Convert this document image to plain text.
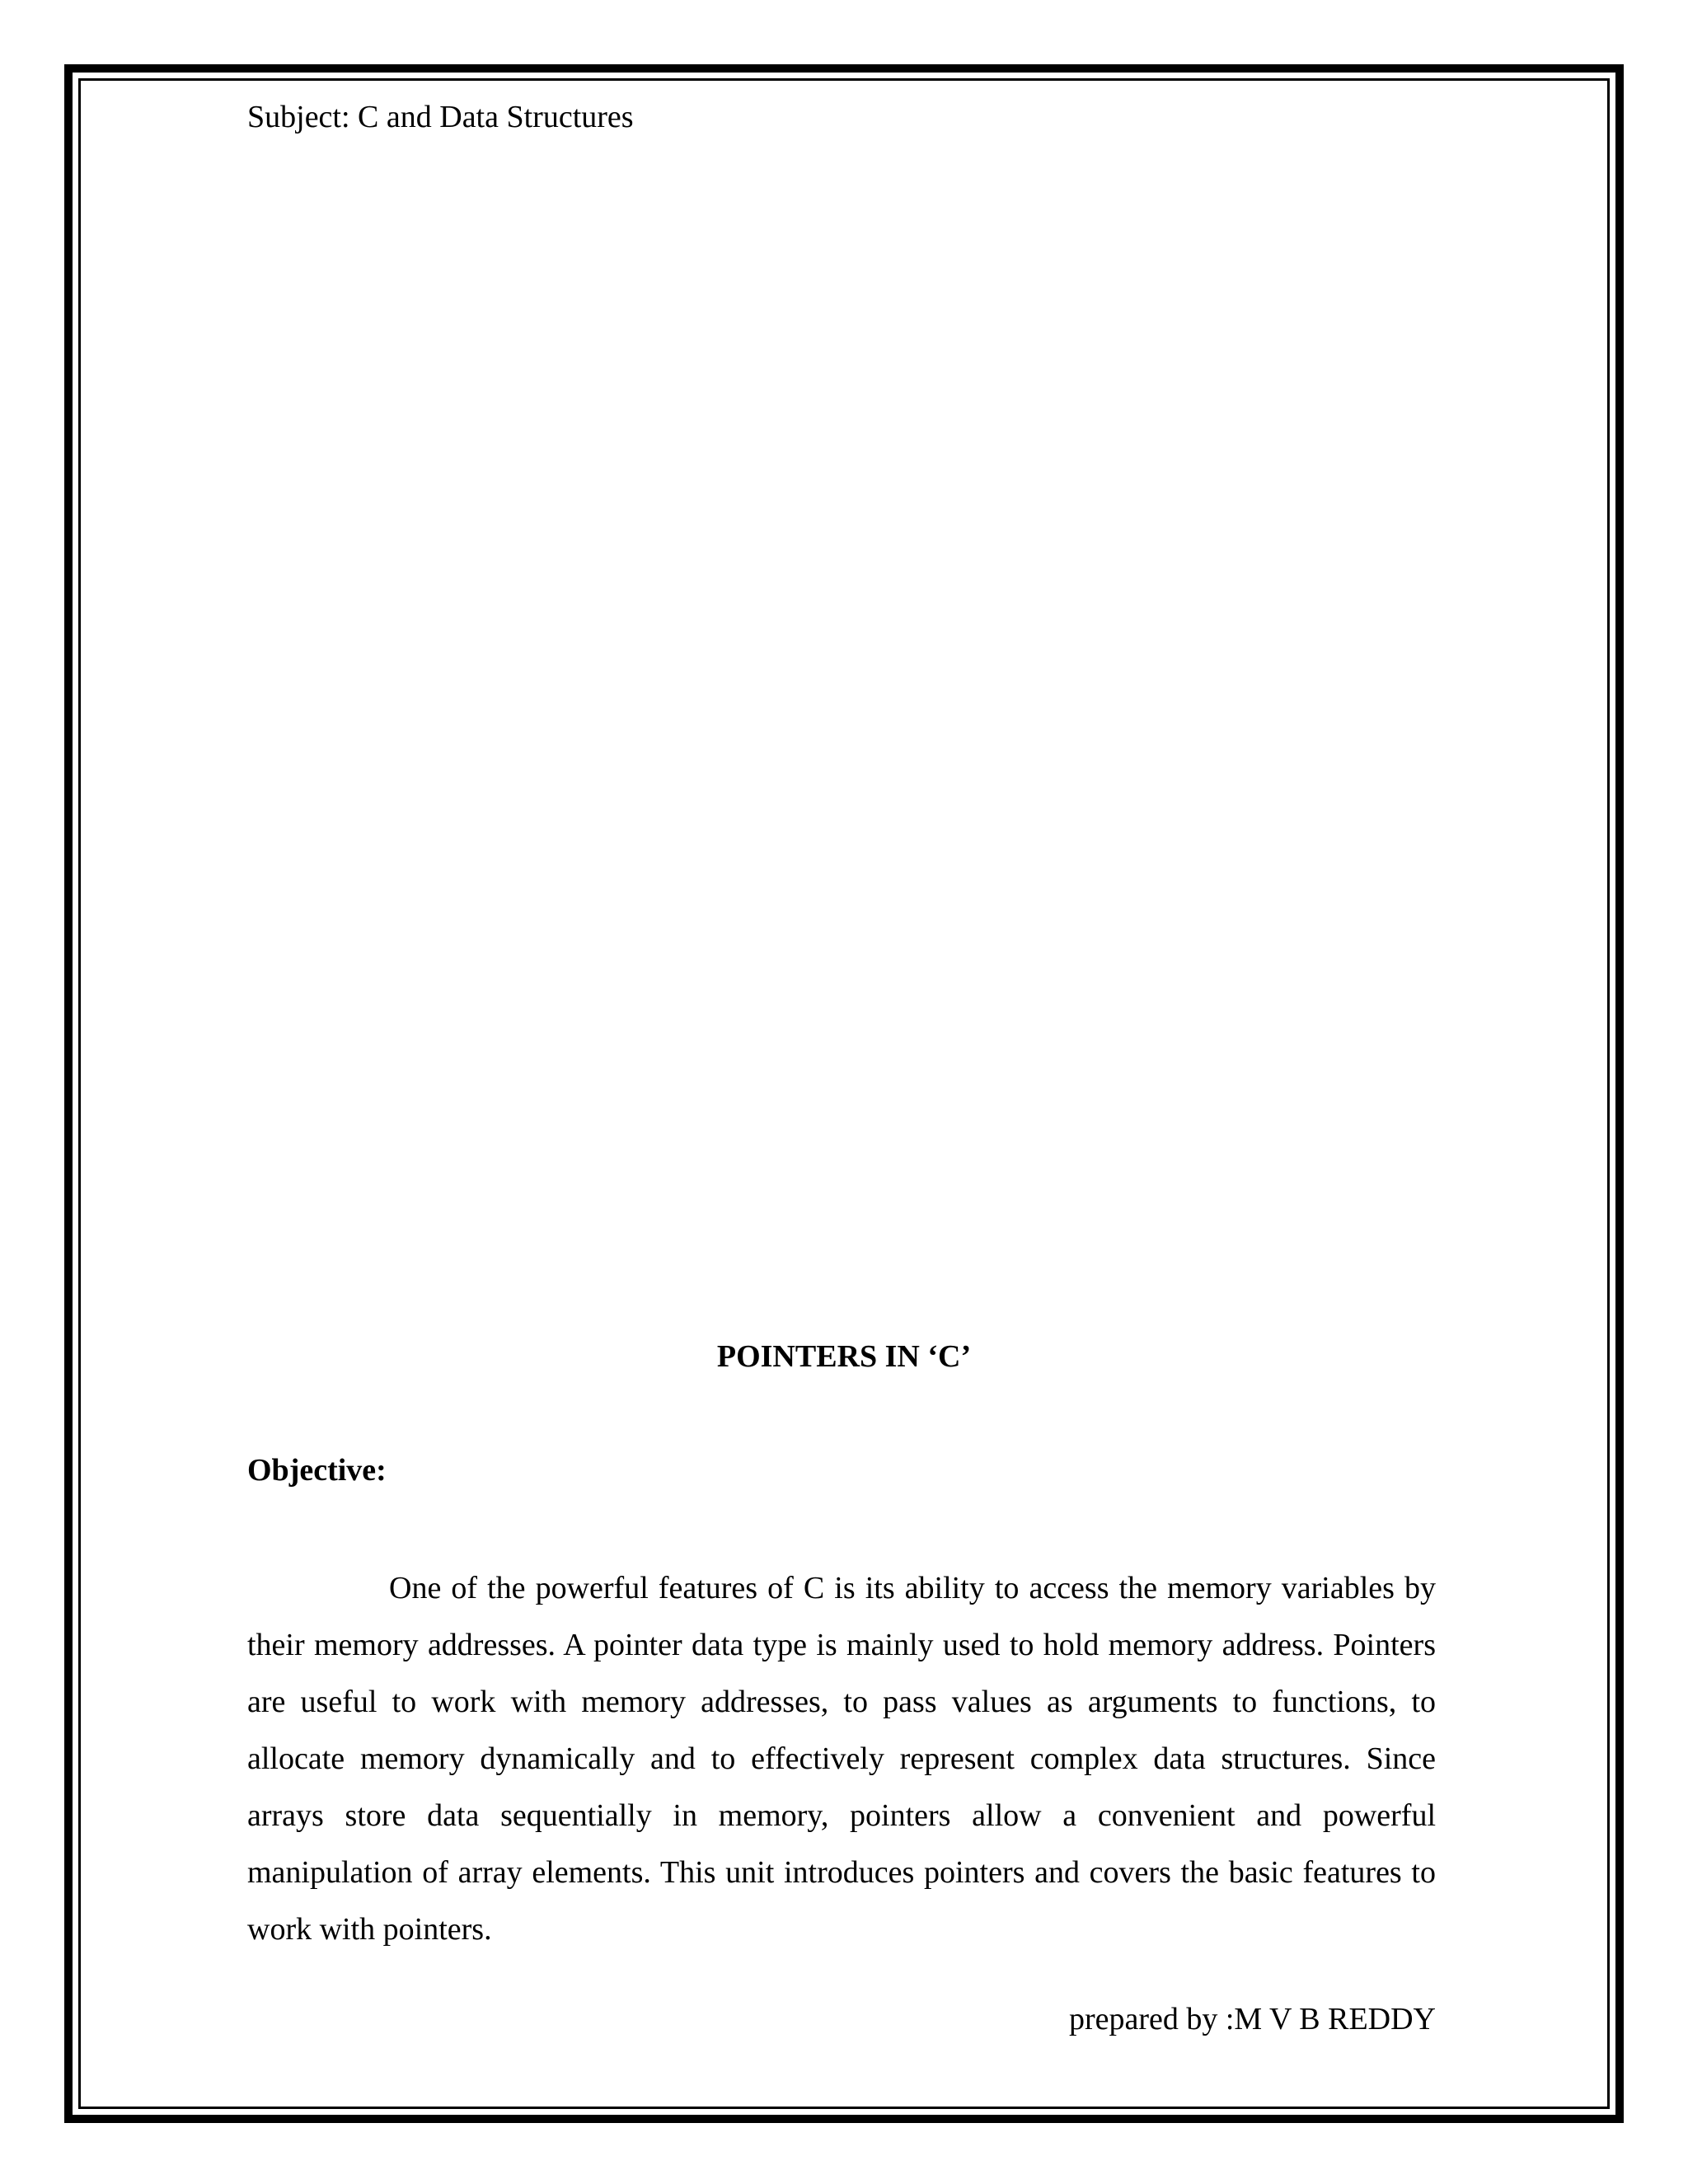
Subject: C and Data Structures
POINTERS IN ‘C’
Objective:

One of the powerful features of C is its ability to access the memory variables by their memory addresses. A pointer data type is mainly used to hold memory address. Pointers are useful to work with memory addresses, to pass values as arguments to functions, to allocate memory dynamically and to effectively represent complex data structures. Since arrays store data sequentially in memory, pointers allow a convenient and powerful manipulation of array elements. This unit introduces pointers and covers the basic features to work with pointers.

prepared by :M V B REDDY
